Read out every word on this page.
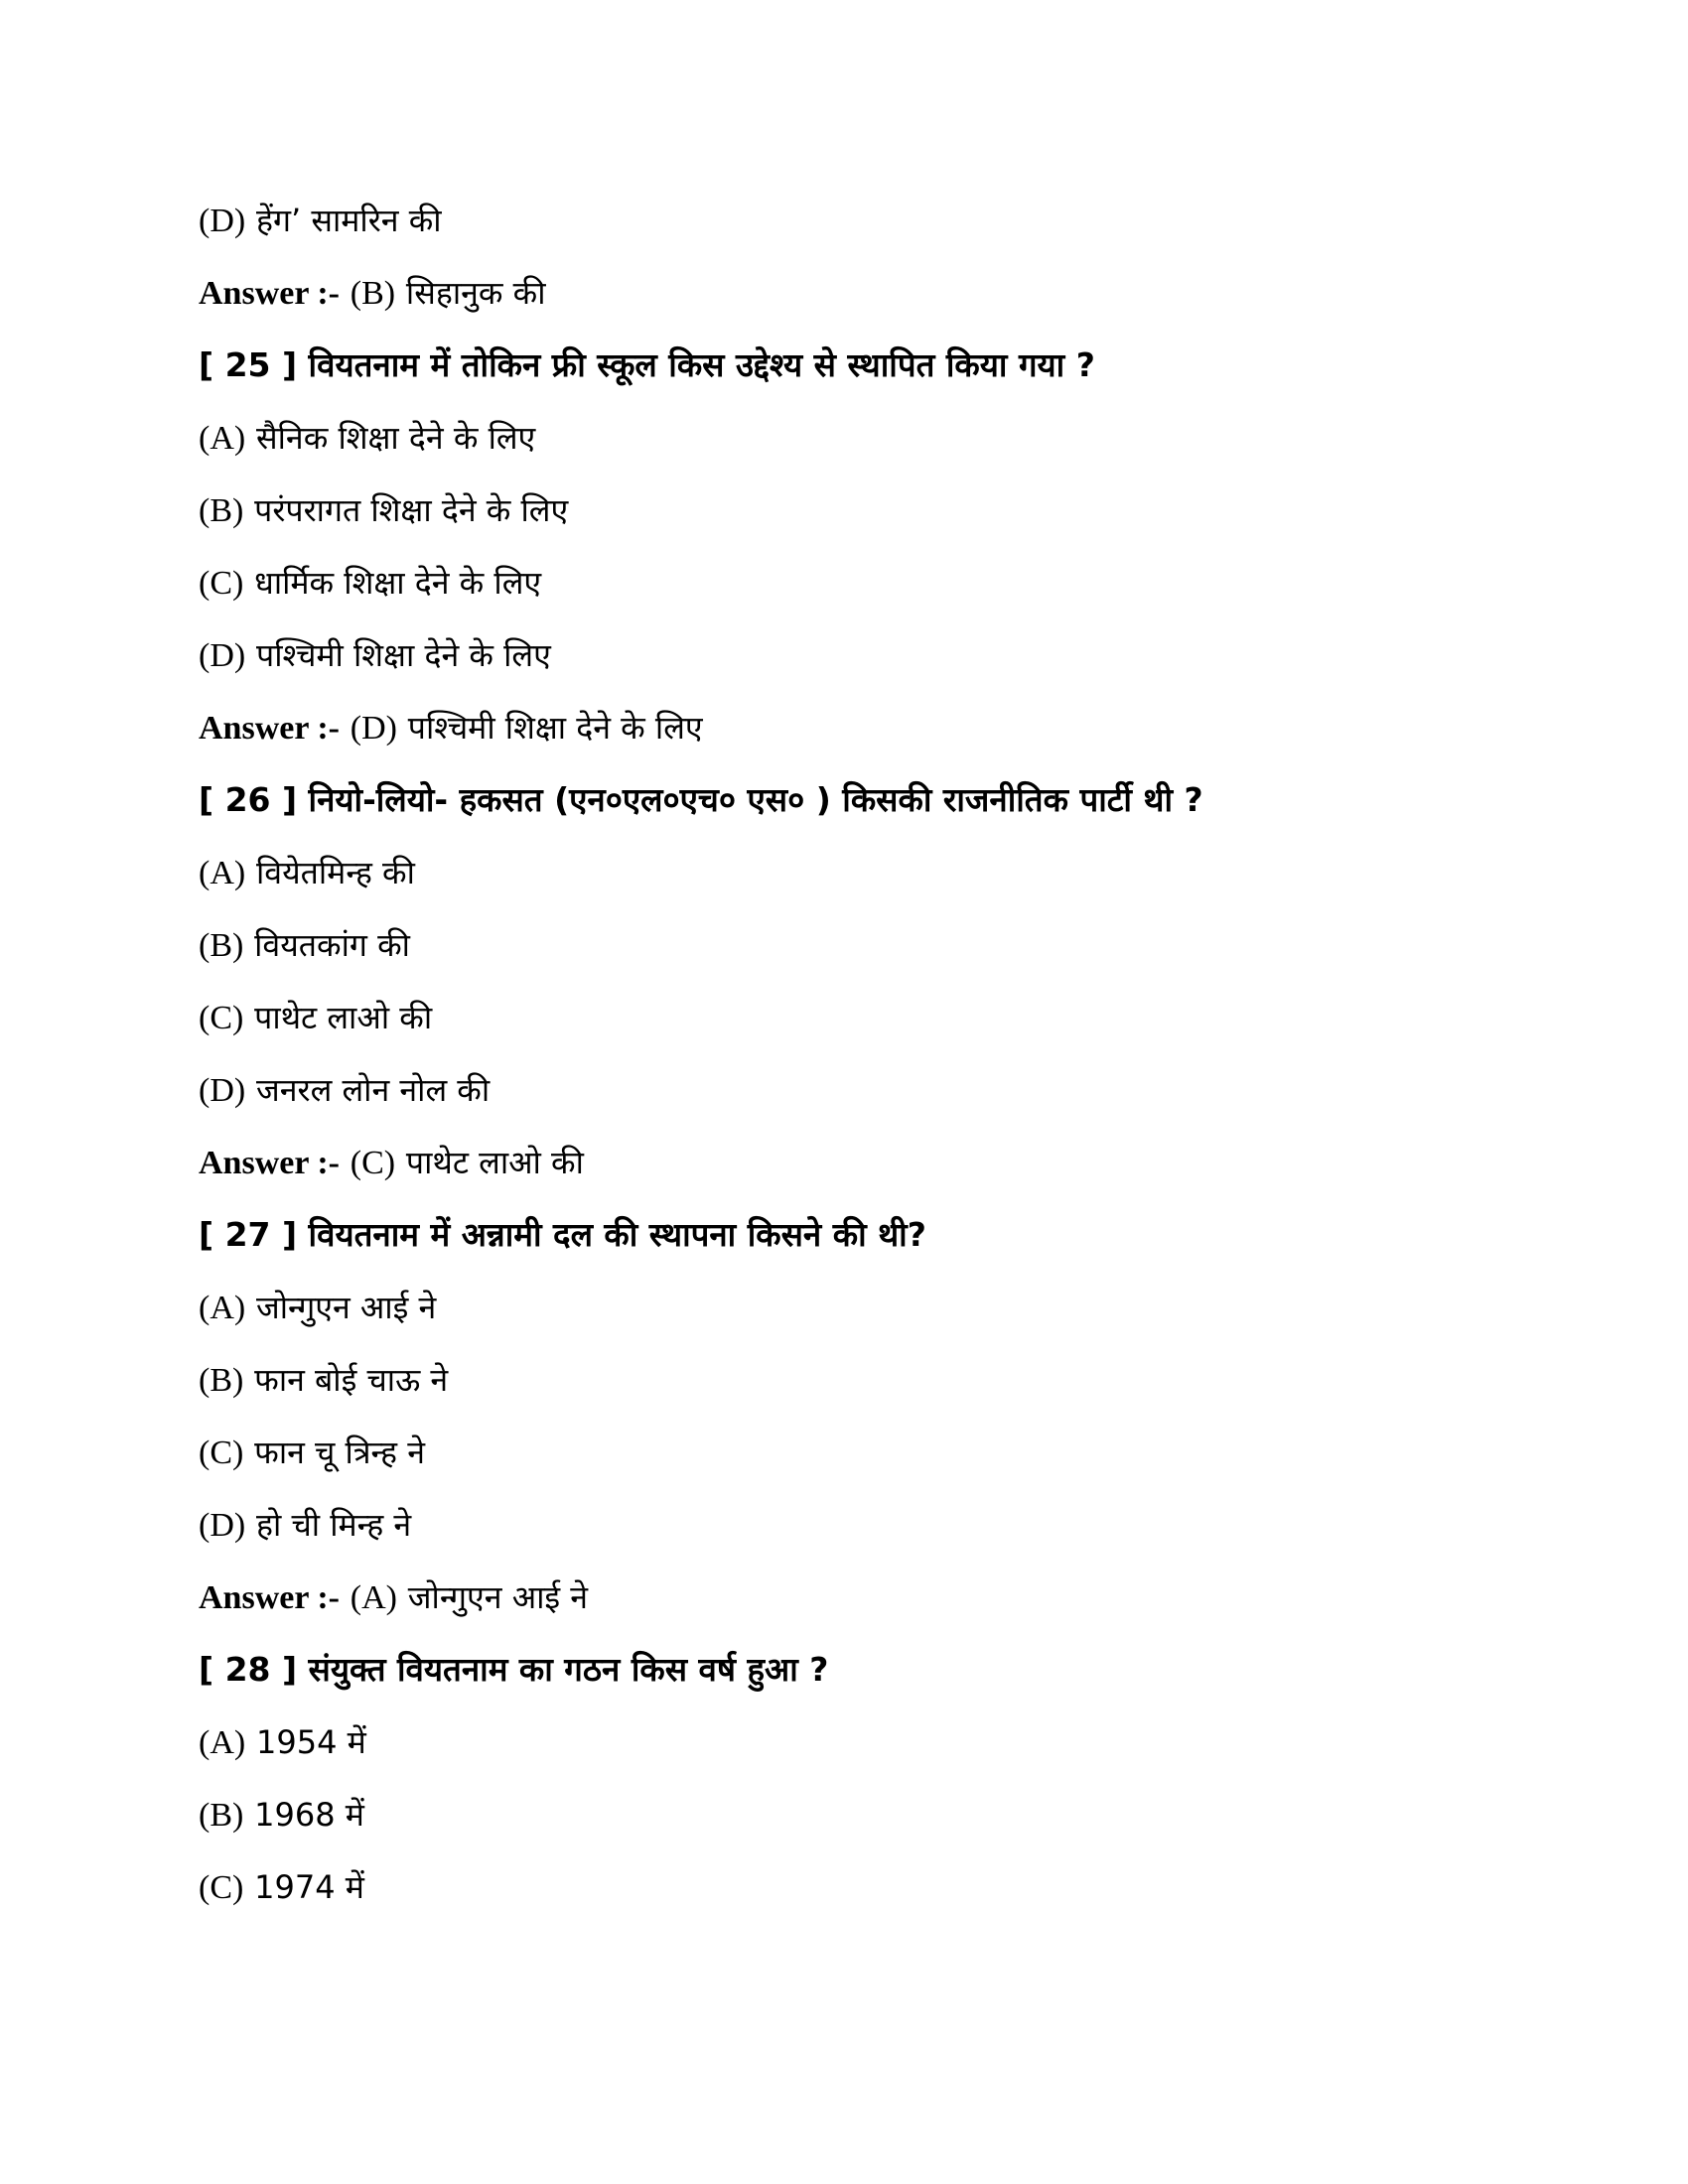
(D) हेंग’ सामरिन की
Answer :- (B) सिहानुक की
[ 25 ] वियतनाम में तोकिन फ्री स्कूल किस उद्देश्य से स्थापित किया गया ?
(A) सैनिक शिक्षा देने के लिए
(B) परंपरागत शिक्षा देने के लिए
(C) धार्मिक शिक्षा देने के लिए
(D) पश्चिमी शिक्षा देने के लिए
Answer :- (D) पश्चिमी शिक्षा देने के लिए
[ 26 ] नियो-लियो- हकसत (एन०एल०एच० एस० ) किसकी राजनीतिक पार्टी थी ?
(A) वियेतमिन्ह की
(B) वियतकांग की
(C) पाथेट लाओ की
(D) जनरल लोन नोल की
Answer :- (C) पाथेट लाओ की
[ 27 ] वियतनाम में अन्नामी दल की स्थापना किसने की थी?
(A) जोन्गुएन आई ने
(B) फान बोई चाऊ ने
(C) फान चू त्रिन्ह ने
(D) हो ची मिन्ह ने
Answer :- (A) जोन्गुएन आई ने
[ 28 ] संयुक्त वियतनाम का गठन किस वर्ष हुआ ?
(A) 1954 में
(B) 1968 में
(C) 1974 में
